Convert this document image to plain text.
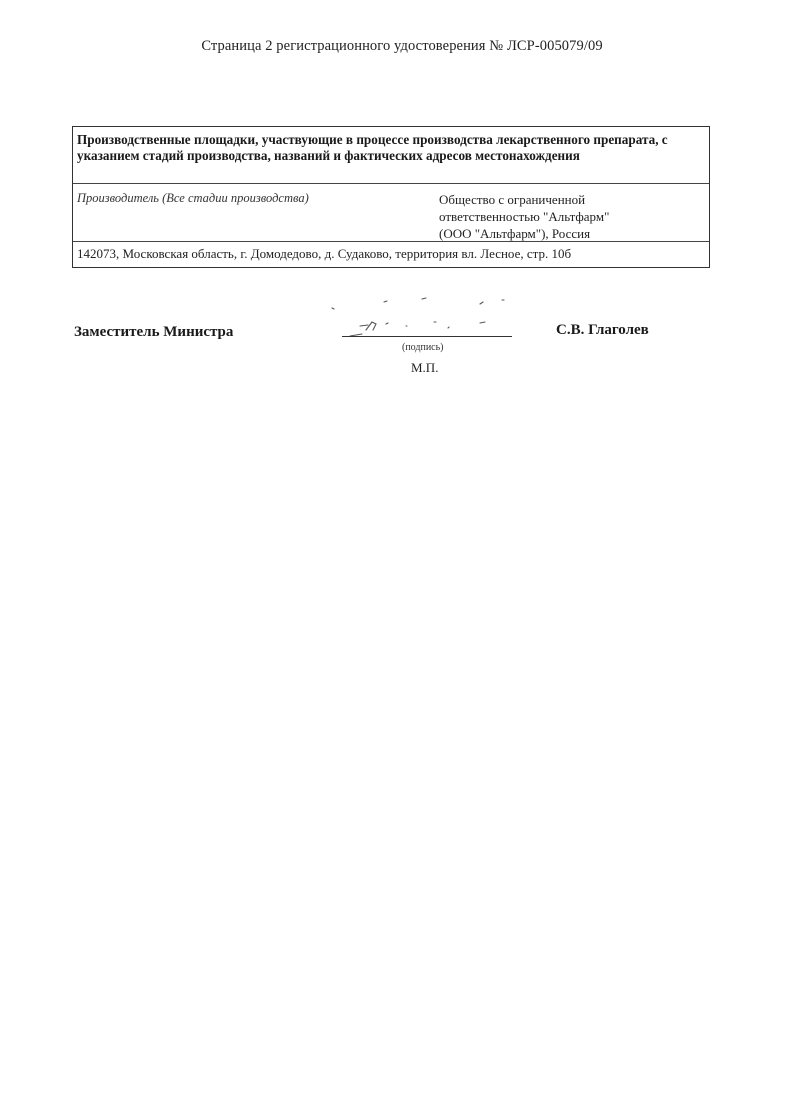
Страница 2 регистрационного удостоверения № ЛСР-005079/09
Производственные площадки, участвующие в процессе производства лекарственного препарата, с указанием стадий производства, названий и фактических адресов местонахождения
Производитель (Все стадии производства)	Общество с ограниченной
ответственностью "Альтфарм"
(ООО "Альтфарм"), Россия
142073, Московская область, г. Домодедово, д. Судаково, территория вл. Лесное, стр. 10б
Заместитель Министра
(подпись)
С.В. Глаголев
М.П.
